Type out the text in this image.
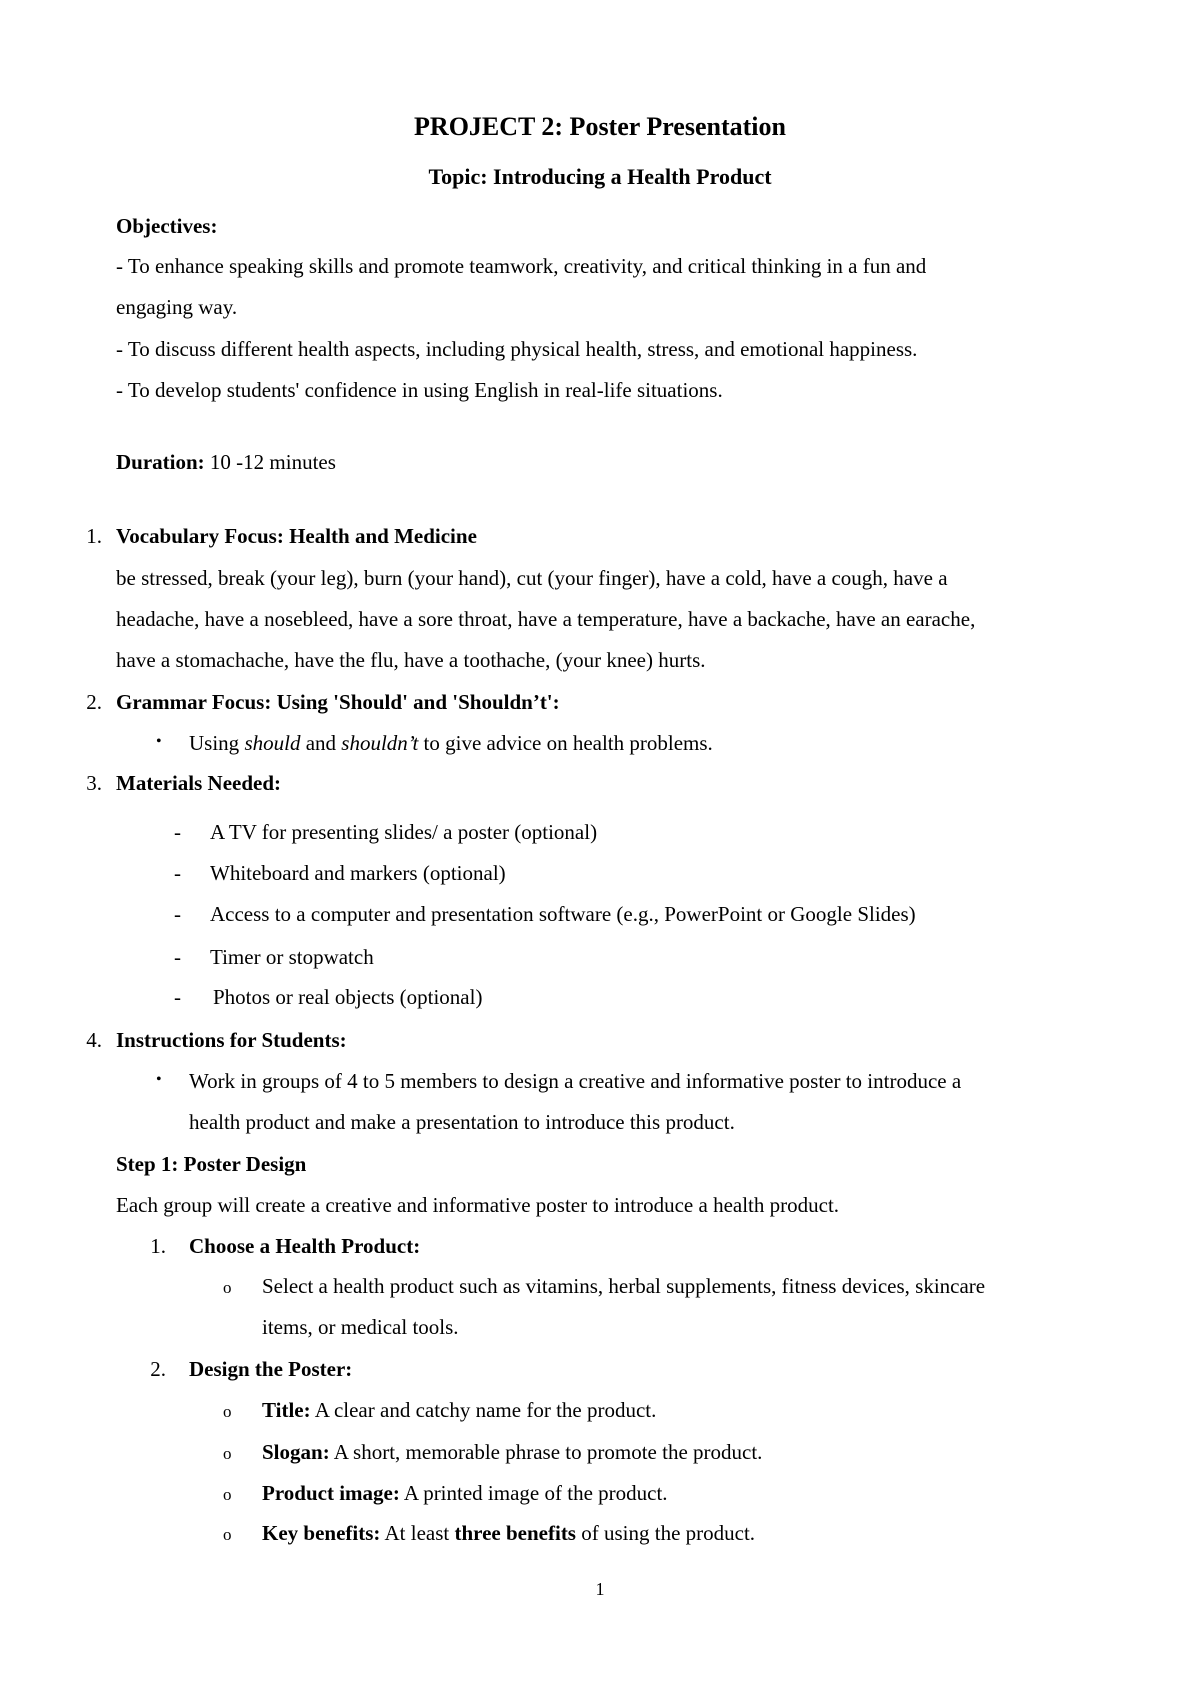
PROJECT 2: Poster Presentation
Topic: Introducing a Health Product
Objectives:
- To enhance speaking skills and promote teamwork, creativity, and critical thinking in a fun and
engaging way.
- To discuss different health aspects, including physical health, stress, and emotional happiness.
- To develop students' confidence in using English in real-life situations.
Duration: 10 -12 minutes
1. Vocabulary Focus: Health and Medicine
be stressed, break (your leg), burn (your hand), cut (your finger), have a cold, have a cough, have a
headache, have a nosebleed, have a sore throat, have a temperature, have a backache, have an earache,
have a stomachache, have the flu, have a toothache, (your knee) hurts.
2. Grammar Focus: Using 'Should' and 'Shouldn’t':
• Using should and shouldn’t to give advice on health problems.
3. Materials Needed:
- A TV for presenting slides/ a poster (optional)
- Whiteboard and markers (optional)
- Access to a computer and presentation software (e.g., PowerPoint or Google Slides)
- Timer or stopwatch
- Photos or real objects (optional)
4. Instructions for Students:
• Work in groups of 4 to 5 members to design a creative and informative poster to introduce a
health product and make a presentation to introduce this product.
Step 1: Poster Design
Each group will create a creative and informative poster to introduce a health product.
1. Choose a Health Product:
o Select a health product such as vitamins, herbal supplements, fitness devices, skincare
items, or medical tools.
2. Design the Poster:
o Title: A clear and catchy name for the product.
o Slogan: A short, memorable phrase to promote the product.
o Product image: A printed image of the product.
o Key benefits: At least three benefits of using the product.
1
